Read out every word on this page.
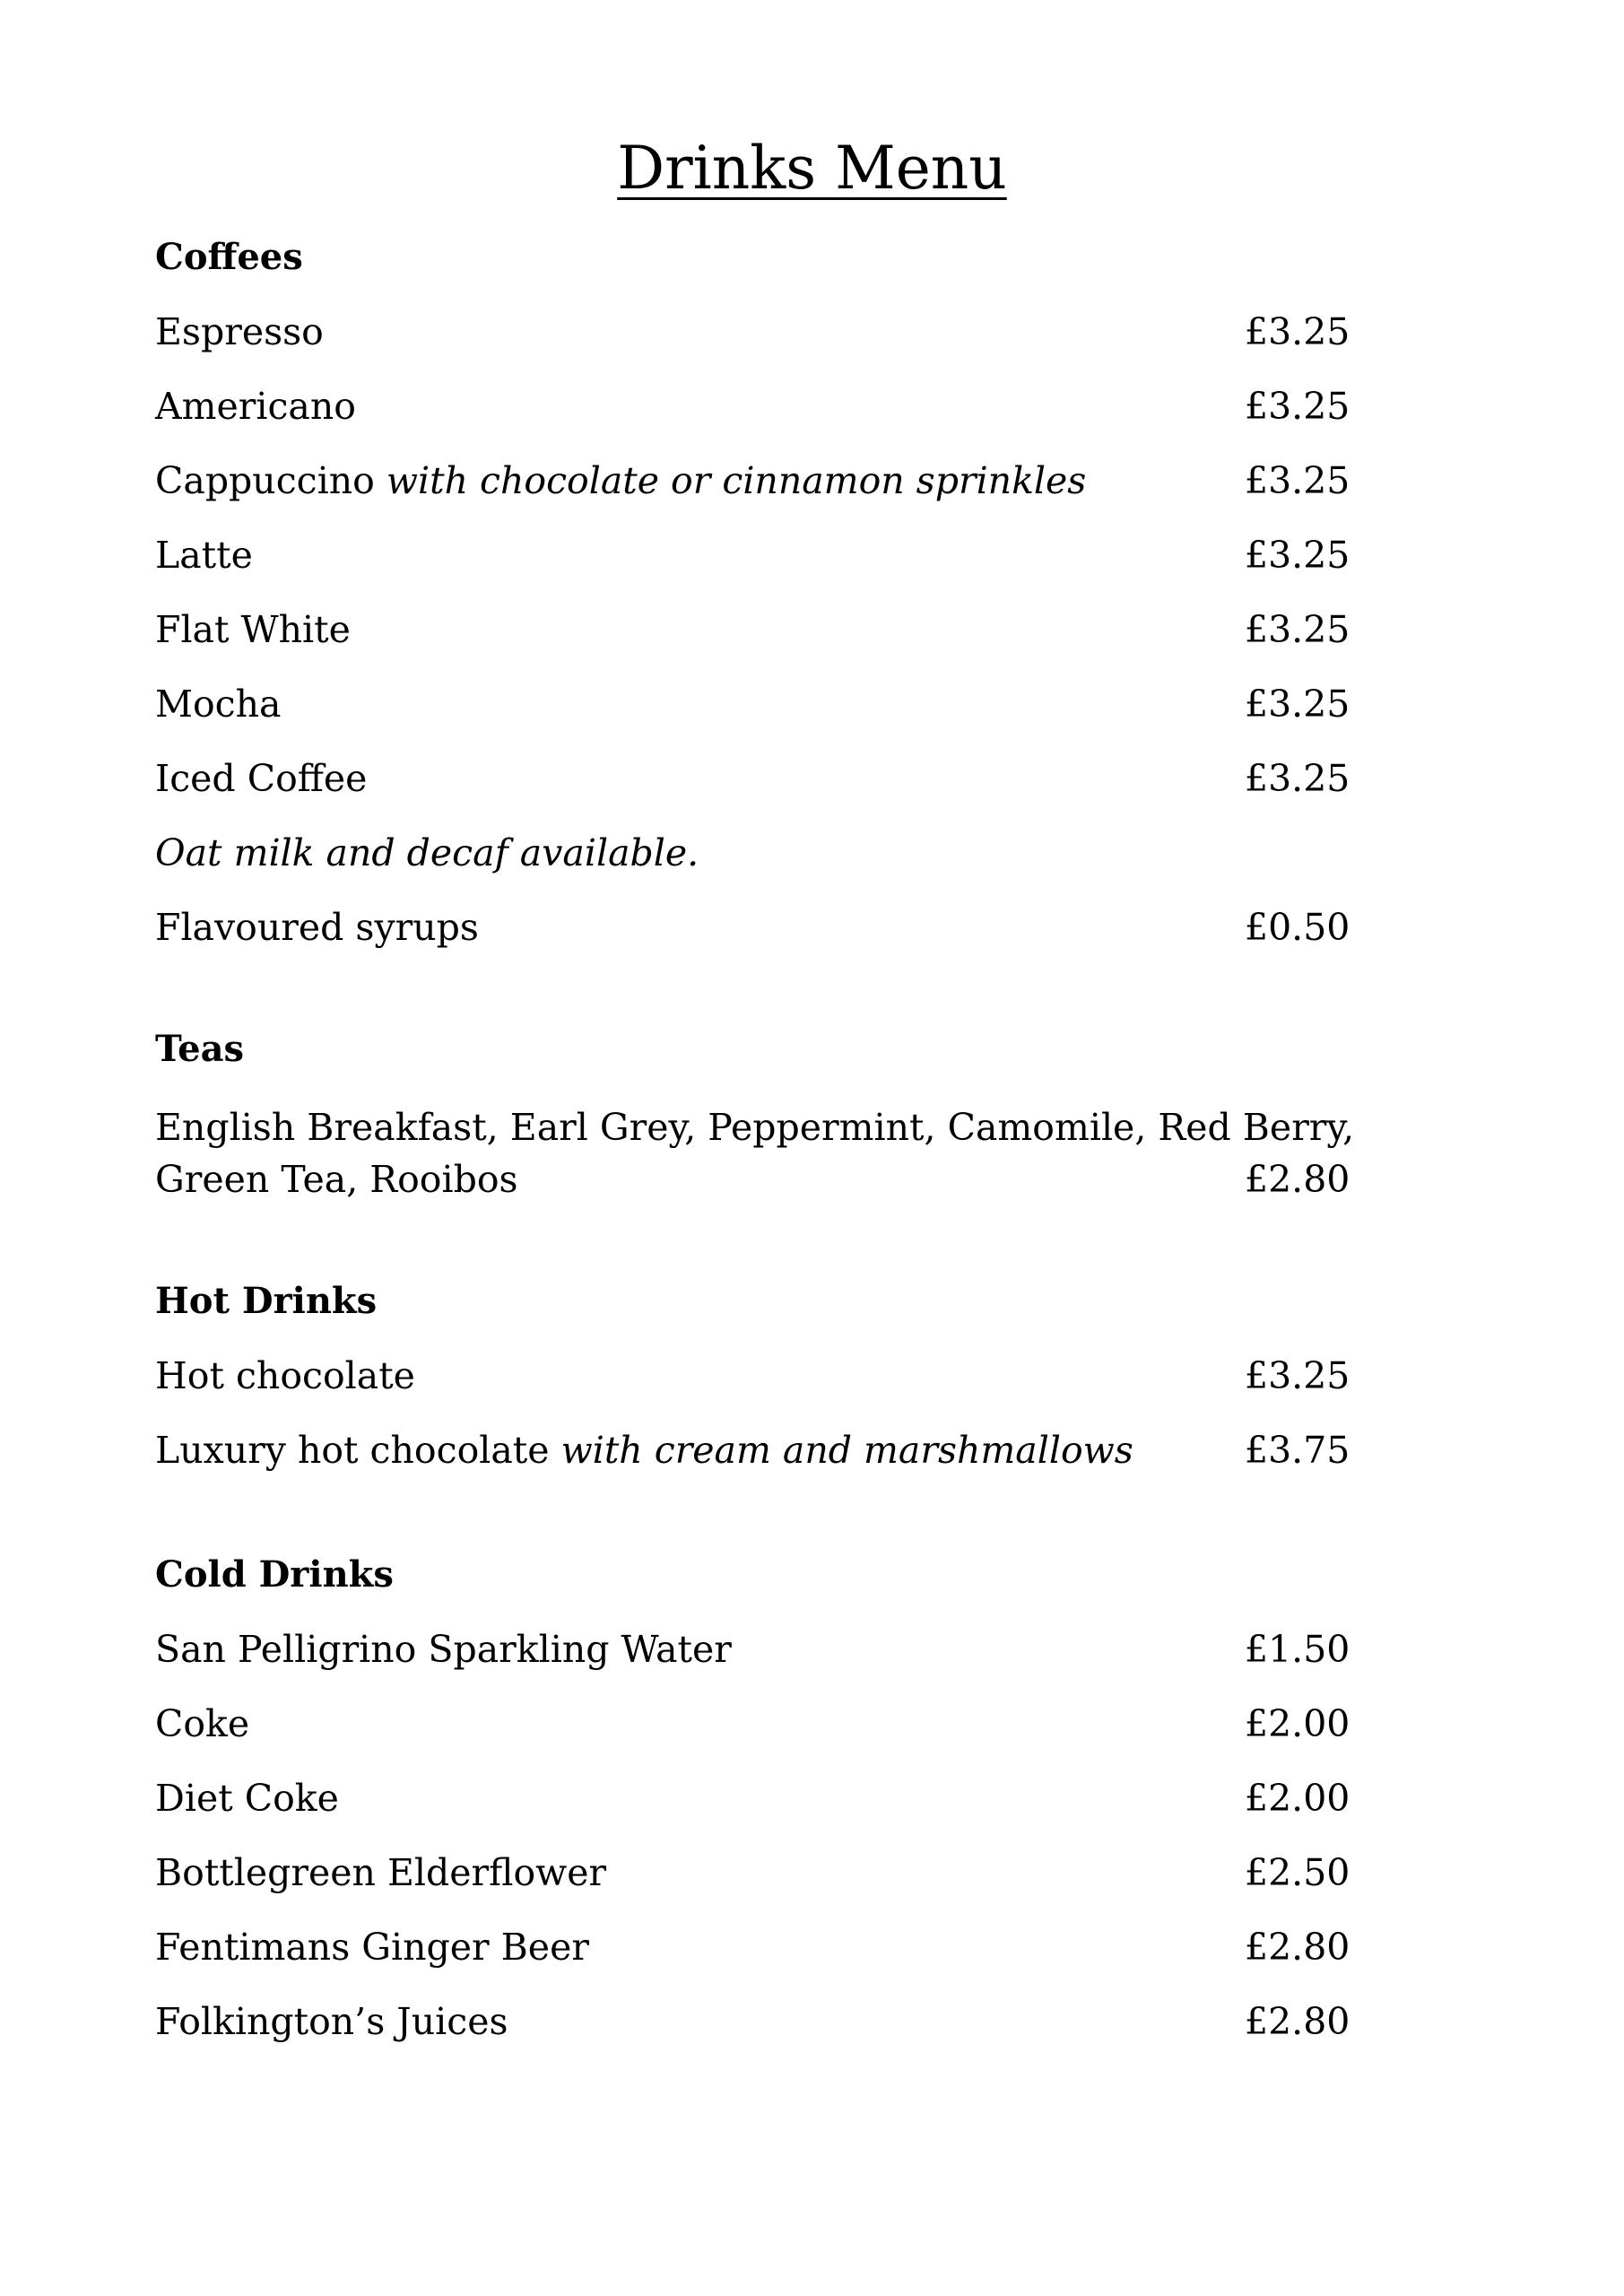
Drinks Menu
Coffees
Espresso	£3.25
Americano	£3.25
Cappuccino with chocolate or cinnamon sprinkles	£3.25
Latte	£3.25
Flat White	£3.25
Mocha	£3.25
Iced Coffee	£3.25
Oat milk and decaf available.
Flavoured syrups	£0.50
Teas
English Breakfast, Earl Grey, Peppermint, Camomile, Red Berry,
Green Tea, Rooibos	£2.80
Hot Drinks
Hot chocolate	£3.25
Luxury hot chocolate with cream and marshmallows	£3.75
Cold Drinks
San Pelligrino Sparkling Water	£1.50
Coke	£2.00
Diet Coke	£2.00
Bottlegreen Elderflower	£2.50
Fentimans Ginger Beer	£2.80
Folkington’s Juices	£2.80
